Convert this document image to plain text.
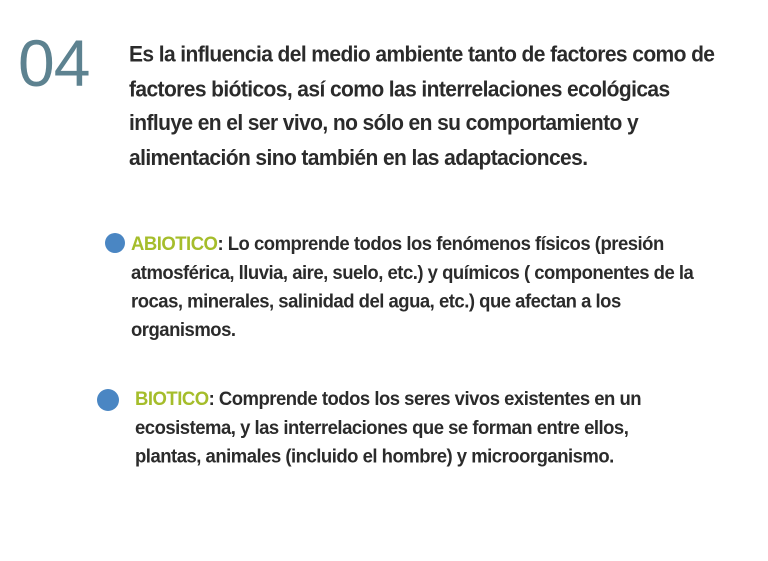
04 Es la influencia del medio ambiente tanto de factores como de factores bióticos, así como las interrelaciones ecológicas influye en el ser vivo, no sólo en su comportamiento y alimentación sino también en las adaptacionces.
ABIOTICO: Lo comprende todos los fenómenos físicos (presión atmosférica, lluvia, aire, suelo, etc.) y químicos ( componentes de la rocas, minerales, salinidad del agua, etc.) que afectan a los organismos.
BIOTICO: Comprende todos los seres vivos existentes en un ecosistema, y las interrelaciones que se forman entre ellos, plantas, animales (incluido el hombre) y microorganismo.
